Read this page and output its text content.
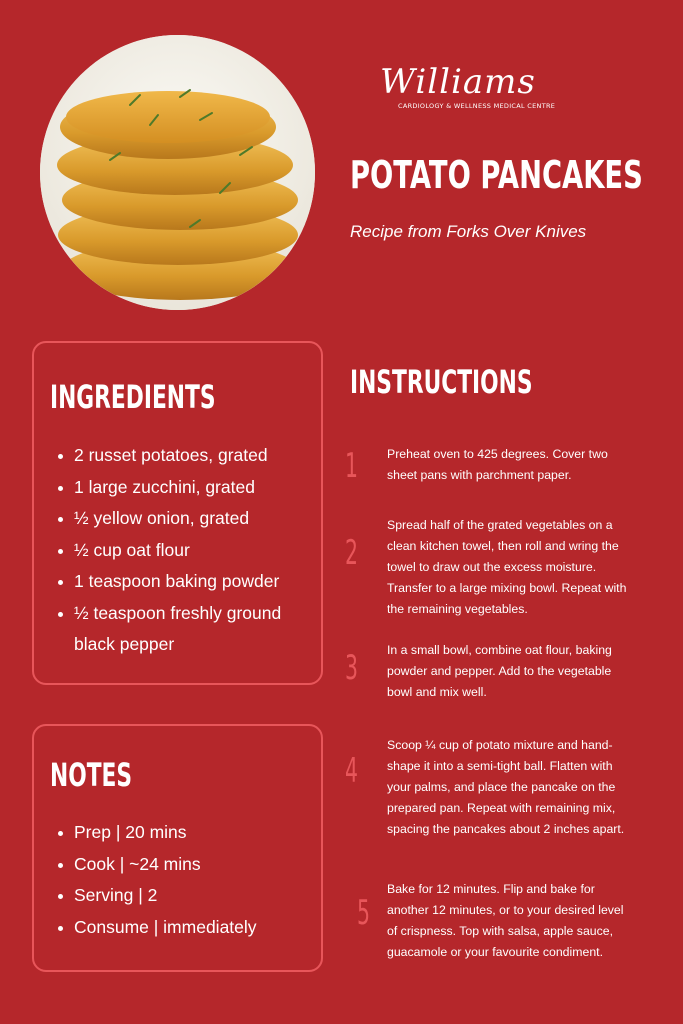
Williams
CARDIOLOGY & WELLNESS MEDICAL CENTRE
POTATO PANCAKES

Recipe from Forks Over Knives

INGREDIENTS
2 russet potatoes, grated
1 large zucchini, grated
½ yellow onion, grated
½ cup oat flour
1 teaspoon baking powder
½ teaspoon freshly ground black pepper
NOTES
Prep | 20 mins
Cook | ~24 mins
Serving | 2
Consume | immediately
INSTRUCTIONS
1 Preheat oven to 425 degrees. Cover two sheet pans with parchment paper.

2

Spread half of the grated vegetables on a clean kitchen towel, then roll and wring the towel to draw out the excess moisture. Transfer to a large mixing bowl. Repeat with the remaining vegetables.

3 In a small bowl, combine oat flour, baking powder and pepper. Add to the vegetable bowl and mix well.

4

Scoop ¼ cup of potato mixture and hand-shape it into a semi-tight ball. Flatten with your palms, and place the pancake on the prepared pan. Repeat with remaining mix, spacing the pancakes about 2 inches apart.

5

Bake for 12 minutes. Flip and bake for another 12 minutes, or to your desired level of crispness. Top with salsa, apple sauce, guacamole or your favourite condiment.
